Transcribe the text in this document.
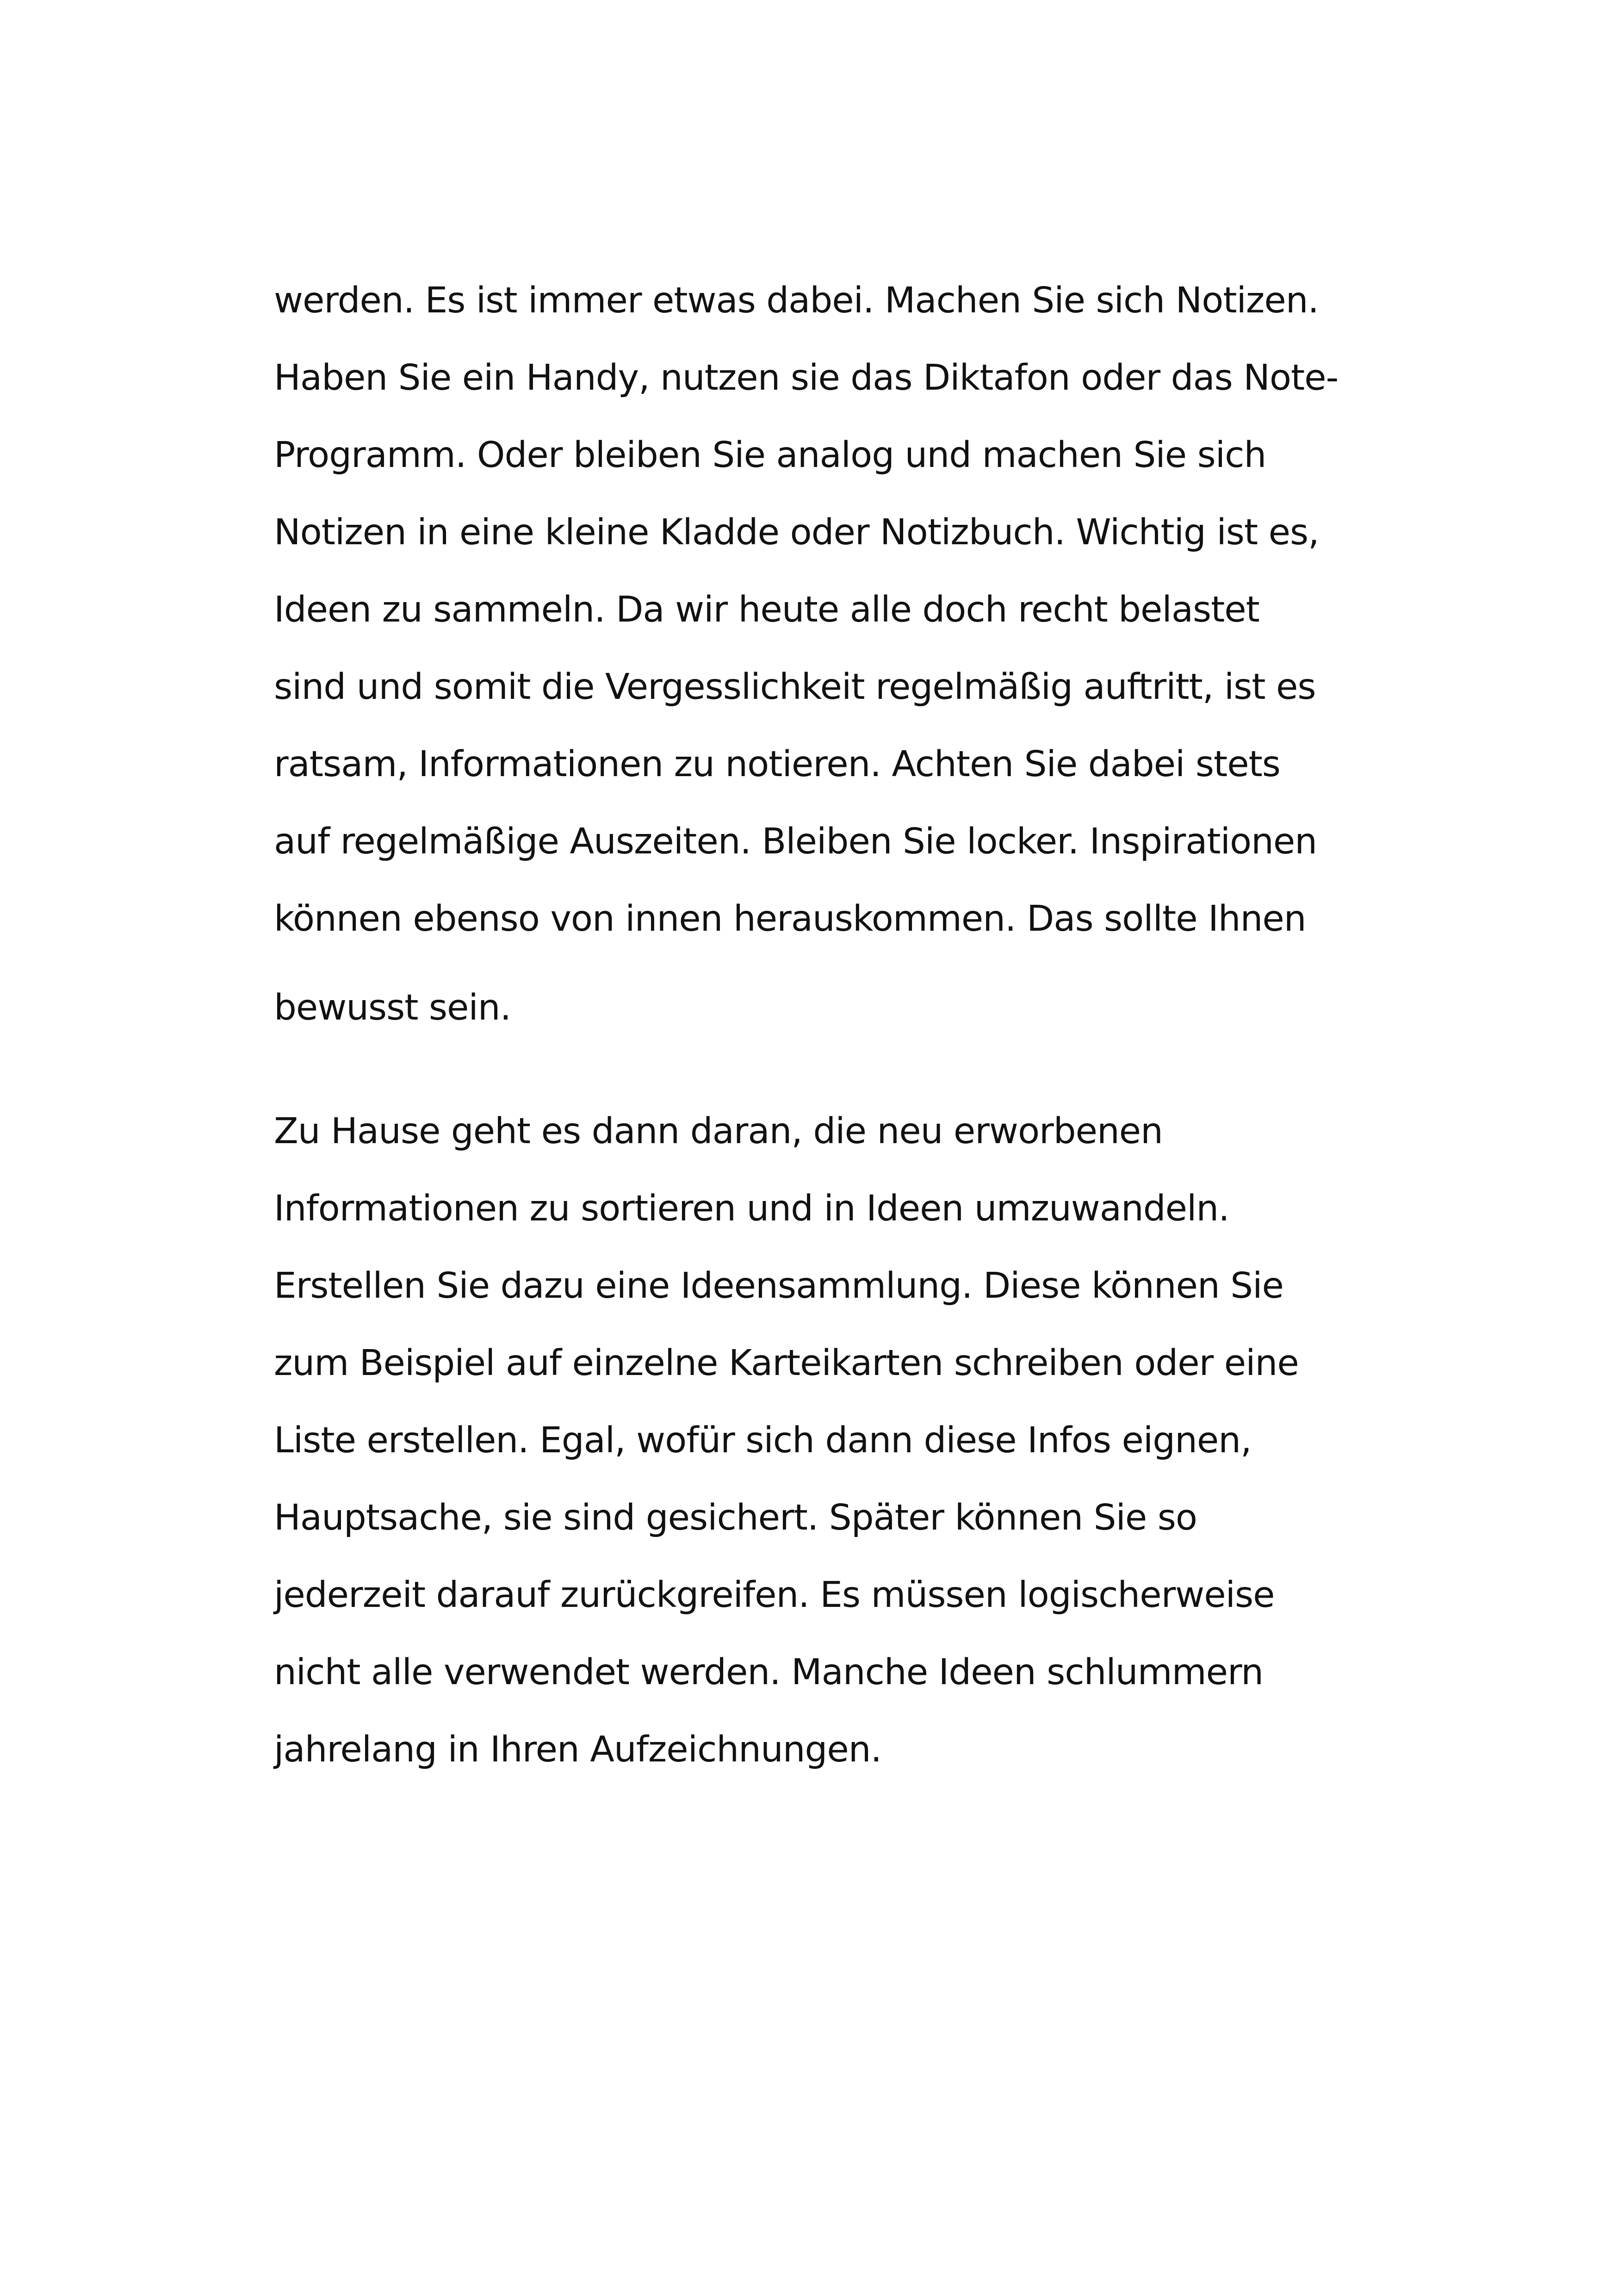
werden. Es ist immer etwas dabei. Machen Sie sich Notizen.
Haben Sie ein Handy, nutzen sie das Diktafon oder das Note-
Programm. Oder bleiben Sie analog und machen Sie sich
Notizen in eine kleine Kladde oder Notizbuch. Wichtig ist es,
Ideen zu sammeln. Da wir heute alle doch recht belastet
sind und somit die Vergesslichkeit regelmäßig auftritt, ist es
ratsam, Informationen zu notieren. Achten Sie dabei stets
auf regelmäßige Auszeiten. Bleiben Sie locker. Inspirationen
können ebenso von innen herauskommen. Das sollte Ihnen
bewusst sein.
Zu Hause geht es dann daran, die neu erworbenen
Informationen zu sortieren und in Ideen umzuwandeln.
Erstellen Sie dazu eine Ideensammlung. Diese können Sie
zum Beispiel auf einzelne Karteikarten schreiben oder eine
Liste erstellen. Egal, wofür sich dann diese Infos eignen,
Hauptsache, sie sind gesichert. Später können Sie so
jederzeit darauf zurückgreifen. Es müssen logischerweise
nicht alle verwendet werden. Manche Ideen schlummern
jahrelang in Ihren Aufzeichnungen.
